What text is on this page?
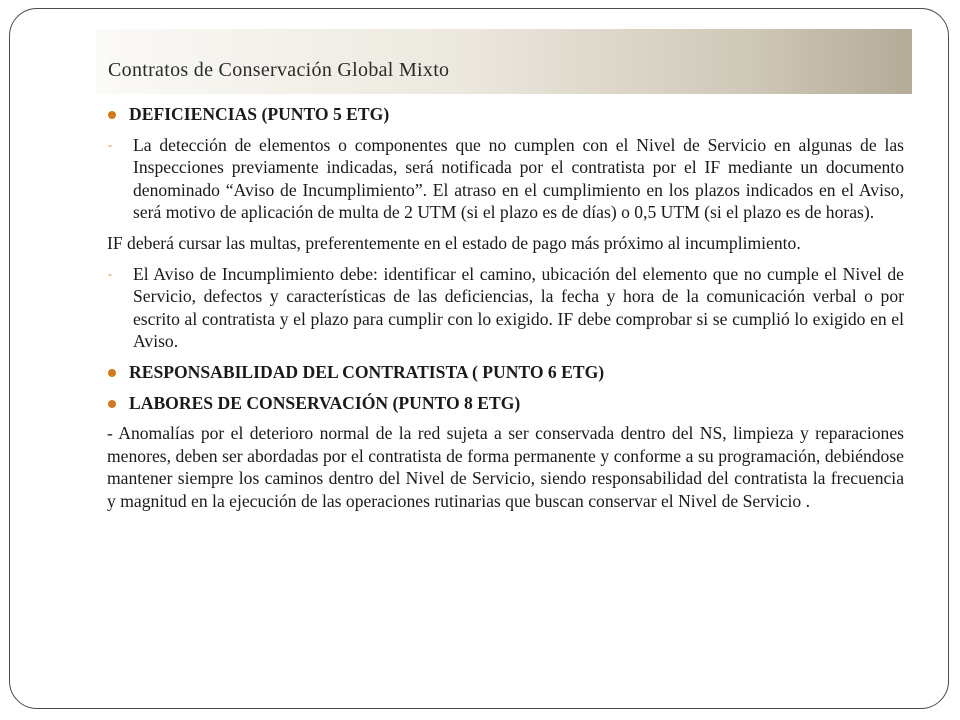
Contratos de Conservación Global Mixto
DEFICIENCIAS (PUNTO 5 ETG)
- La detección de elementos o componentes que no cumplen con el Nivel de Servicio en algunas de las Inspecciones previamente indicadas, será notificada por el contratista por el IF mediante un documento denominado “Aviso de Incumplimiento”. El atraso en el cumplimiento en los plazos indicados en el Aviso, será motivo de aplicación de multa de 2 UTM (si el plazo es de días) o 0,5 UTM (si el plazo es de horas).
IF deberá cursar las multas, preferentemente en el estado de pago más próximo al incumplimiento.
- El Aviso de Incumplimiento debe: identificar el camino, ubicación del elemento que no cumple el Nivel de Servicio, defectos y características de las deficiencias, la fecha y hora de la comunicación verbal o por escrito al contratista y el plazo para cumplir con lo exigido. IF debe comprobar si se cumplió lo exigido en el Aviso.
RESPONSABILIDAD DEL CONTRATISTA ( PUNTO 6 ETG)
LABORES DE CONSERVACIÓN (PUNTO 8 ETG)
- Anomalías por el deterioro normal de la red sujeta a ser conservada dentro del NS, limpieza y reparaciones menores, deben ser abordadas por el contratista de forma permanente y conforme a su programación, debiéndose mantener siempre los caminos dentro del Nivel de Servicio, siendo responsabilidad del contratista la frecuencia y magnitud en la ejecución de las operaciones rutinarias que buscan conservar el Nivel de Servicio .
